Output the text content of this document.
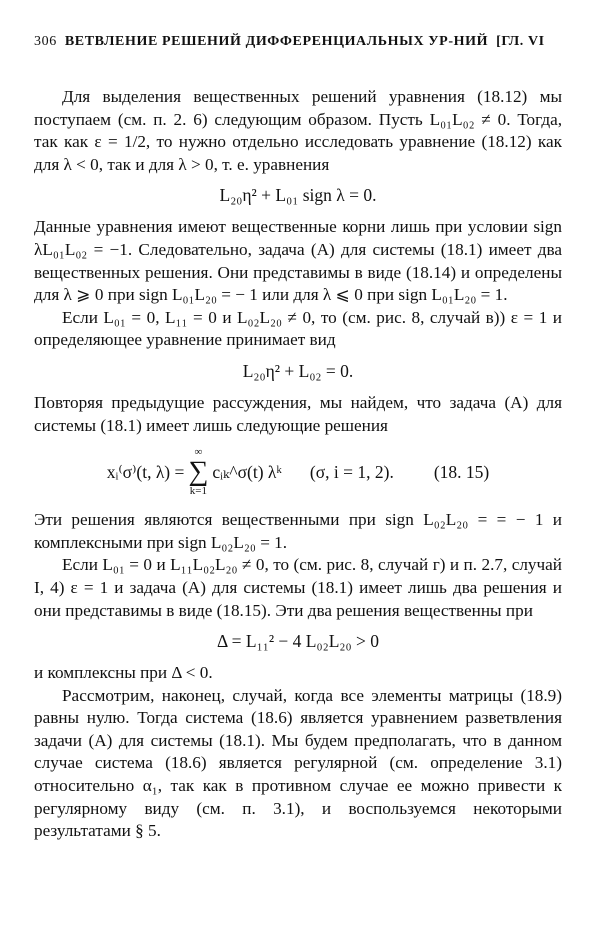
306 ВЕТВЛЕНИЕ РЕШЕНИЙ ДИФФЕРЕНЦИАЛЬНЫХ УР-НИЙ [ГЛ. VI

Для выделения вещественных решений уравнения (18.12) мы поступаем (см. п. 2. 6) следующим образом. Пусть L₀₁L₀₂ ≠ 0. Тогда, так как ε = 1/2, то нужно отдельно исследовать уравнение (18.12) как для λ < 0, так и для λ > 0, т. е. уравнения

L₂₀η² + L₀₁ sign λ = 0.

Данные уравнения имеют вещественные корни лишь при условии sign λL₀₁L₀₂ = −1. Следовательно, задача (A) для системы (18.1) имеет два вещественных решения. Они представимы в виде (18.14) и определены для λ ⩾ 0 при sign L₀₁L₂₀ = − 1 или для λ ⩽ 0 при sign L₀₁L₂₀ = 1.

Если L₀₁ = 0, L₁₁ = 0 и L₀₂L₂₀ ≠ 0, то (см. рис. 8, случай в)) ε = 1 и определяющее уравнение принимает вид

L₂₀η² + L₀₂ = 0.

Повторяя предыдущие рассуждения, мы найдем, что задача (A) для системы (18.1) имеет лишь следующие решения

xᵢ⁽σ⁾(t, λ) =
∞
∑
k=1
cᵢₖ^σ(t) λᵏ (σ, i = 1, 2). (18. 15)

Эти решения являются вещественными при sign L₀₂L₂₀ = = − 1 и комплексными при sign L₀₂L₂₀ = 1.

Если L₀₁ = 0 и L₁₁L₀₂L₂₀ ≠ 0, то (см. рис. 8, случай г) и п. 2.7, случай I, 4) ε = 1 и задача (A) для системы (18.1) имеет лишь два решения и они представимы в виде (18.15). Эти два решения вещественны при

Δ = L₁₁² − 4 L₀₂L₂₀ > 0

и комплексны при Δ < 0.

Рассмотрим, наконец, случай, когда все элементы матрицы (18.9) равны нулю. Тогда система (18.6) является уравнением разветвления задачи (A) для системы (18.1). Мы будем предполагать, что в данном случае система (18.6) является регулярной (см. определение 3.1) относительно α₁, так как в противном случае ее можно привести к регулярному виду (см. п. 3.1), и воспользуемся некоторыми результатами § 5.
